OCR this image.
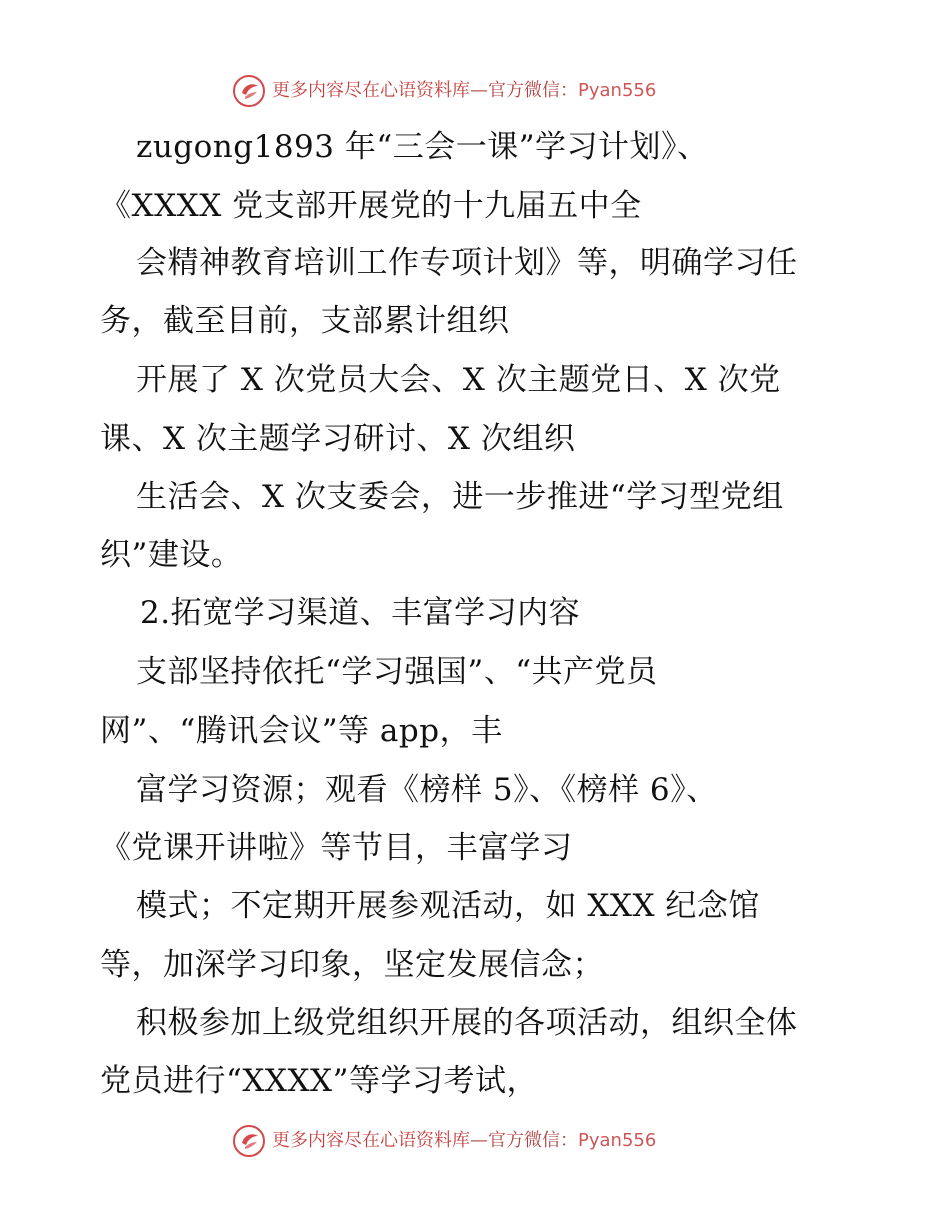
更多内容尽在心语资料库—官方微信：Pyan556
zugong1893 年“三会一课”学习计划》、
《XXXX 党支部开展党的十九届五中全
会精神教育培训工作专项计划》等，明确学习任
务，截至目前，支部累计组织
开展了 X 次党员大会、X 次主题党日、X 次党
课、X 次主题学习研讨、X 次组织
生活会、X 次支委会，进一步推进“学习型党组
织”建设。
2.拓宽学习渠道、丰富学习内容
支部坚持依托“学习强国”、“共产党员
网”、“腾讯会议”等 app，丰
富学习资源；观看《榜样 5》、《榜样 6》、
《党课开讲啦》等节目，丰富学习
模式；不定期开展参观活动，如 XXX 纪念馆
等，加深学习印象，坚定发展信念；
积极参加上级党组织开展的各项活动，组织全体
党员进行“XXXX”等学习考试，
更多内容尽在心语资料库—官方微信：Pyan556
